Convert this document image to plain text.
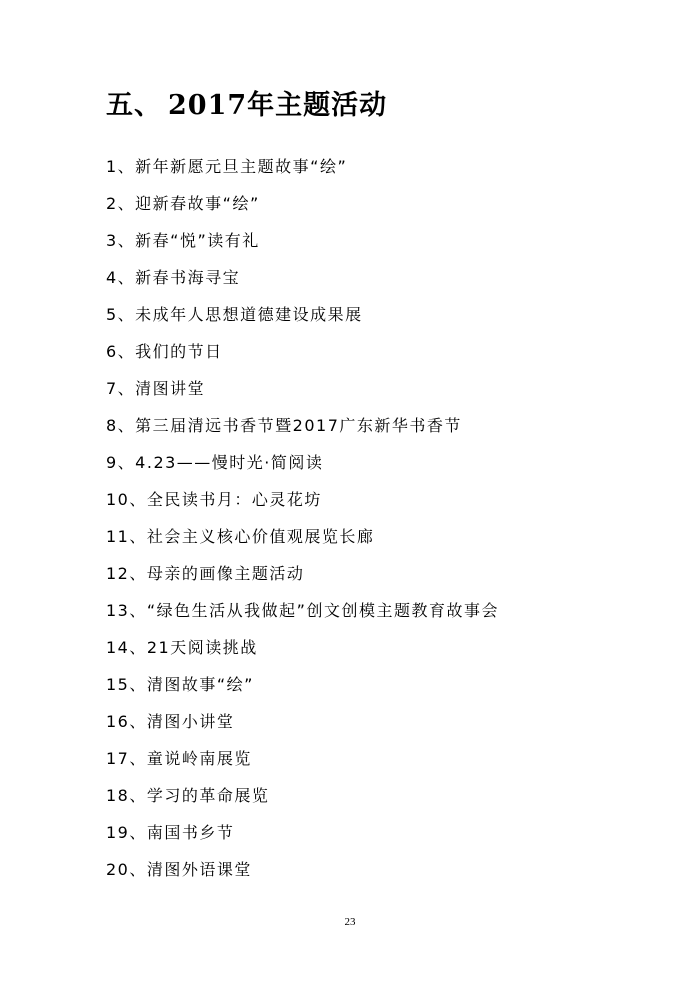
五、 2017年主题活动
1、新年新愿元旦主题故事“绘”
2、迎新春故事“绘”
3、新春“悦”读有礼
4、新春书海寻宝
5、未成年人思想道德建设成果展
6、我们的节日
7、清图讲堂
8、第三届清远书香节暨2017广东新华书香节
9、4.23——慢时光·简阅读
10、全民读书月：心灵花坊
11、社会主义核心价值观展览长廊
12、母亲的画像主题活动
13、“绿色生活从我做起”创文创模主题教育故事会
14、21天阅读挑战
15、清图故事“绘”
16、清图小讲堂
17、童说岭南展览
18、学习的革命展览
19、南国书乡节
20、清图外语课堂
23
